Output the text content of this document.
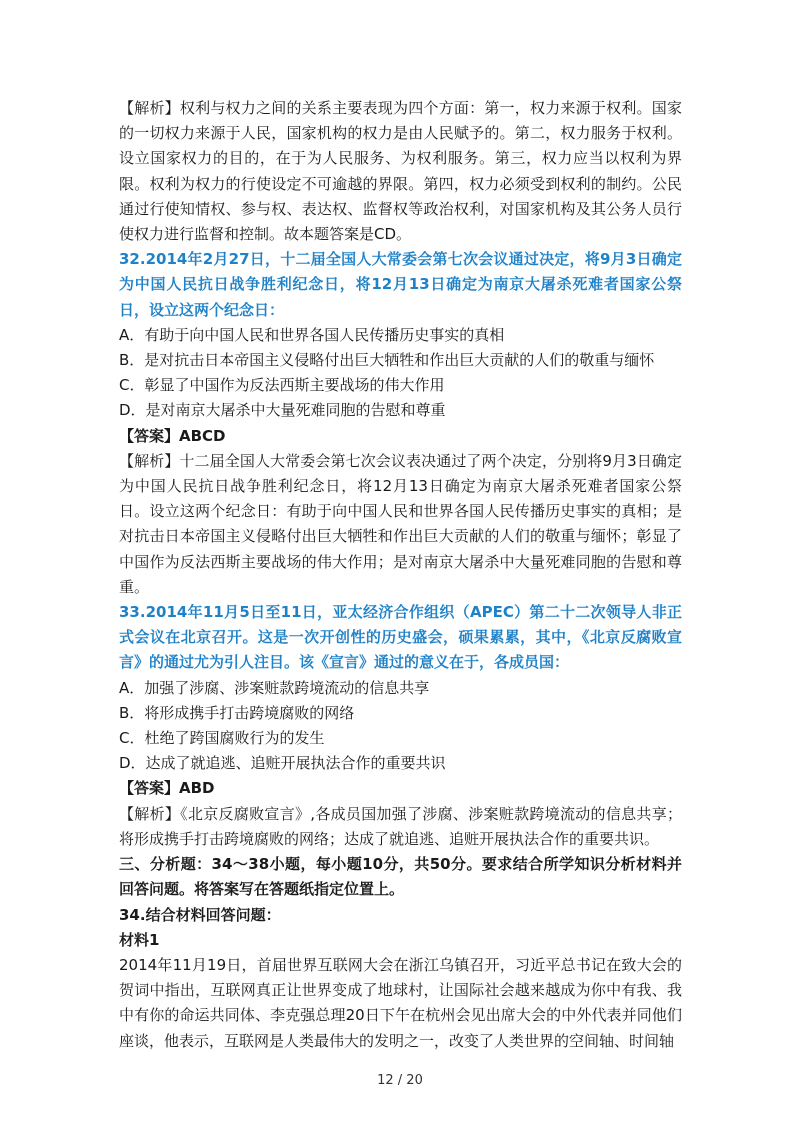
【解析】权利与权力之间的关系主要表现为四个方面：第一，权力来源于权利。国家的一切权力来源于人民，国家机构的权力是由人民赋予的。第二，权力服务于权利。设立国家权力的目的，在于为人民服务、为权利服务。第三，权力应当以权利为界限。权利为权力的行使设定不可逾越的界限。第四，权力必须受到权利的制约。公民通过行使知情权、参与权、表达权、监督权等政治权利，对国家机构及其公务人员行使权力进行监督和控制。故本题答案是CD。

32.2014年2月27日，十二届全国人大常委会第七次会议通过决定，将9月3日确定为中国人民抗日战争胜利纪念日，将12月13日确定为南京大屠杀死难者国家公祭日，设立这两个纪念日：

A．有助于向中国人民和世界各国人民传播历史事实的真相

B．是对抗击日本帝国主义侵略付出巨大牺牲和作出巨大贡献的人们的敬重与缅怀

C．彰显了中国作为反法西斯主要战场的伟大作用

D．是对南京大屠杀中大量死难同胞的告慰和尊重

【答案】ABCD

【解析】十二届全国人大常委会第七次会议表决通过了两个决定，分别将9月3日确定为中国人民抗日战争胜利纪念日，将12月13日确定为南京大屠杀死难者国家公祭日。设立这两个纪念日：有助于向中国人民和世界各国人民传播历史事实的真相；是对抗击日本帝国主义侵略付出巨大牺牲和作出巨大贡献的人们的敬重与缅怀；彰显了中国作为反法西斯主要战场的伟大作用；是对南京大屠杀中大量死难同胞的告慰和尊重。

33.2014年11月5日至11日，亚太经济合作组织（APEC）第二十二次领导人非正式会议在北京召开。这是一次开创性的历史盛会，硕果累累，其中，《北京反腐败宣言》的通过尤为引人注目。该《宣言》通过的意义在于，各成员国：

A．加强了涉腐、涉案赃款跨境流动的信息共享

B．将形成携手打击跨境腐败的网络

C．杜绝了跨国腐败行为的发生

D．达成了就追逃、追赃开展执法合作的重要共识

【答案】ABD

【解析】《北京反腐败宣言》,各成员国加强了涉腐、涉案赃款跨境流动的信息共享；将形成携手打击跨境腐败的网络；达成了就追逃、追赃开展执法合作的重要共识。

三、分析题：34～38小题，每小题10分，共50分。要求结合所学知识分析材料并回答问题。将答案写在答题纸指定位置上。

34.结合材料回答问题：

材料1

2014年11月19日，首届世界互联网大会在浙江乌镇召开，习近平总书记在致大会的贺词中指出，互联网真正让世界变成了地球村，让国际社会越来越成为你中有我、我中有你的命运共同体、李克强总理20日下午在杭州会见出席大会的中外代表并同他们座谈，他表示，互联网是人类最伟大的发明之一，改变了人类世界的空间轴、时间轴

12 / 20
